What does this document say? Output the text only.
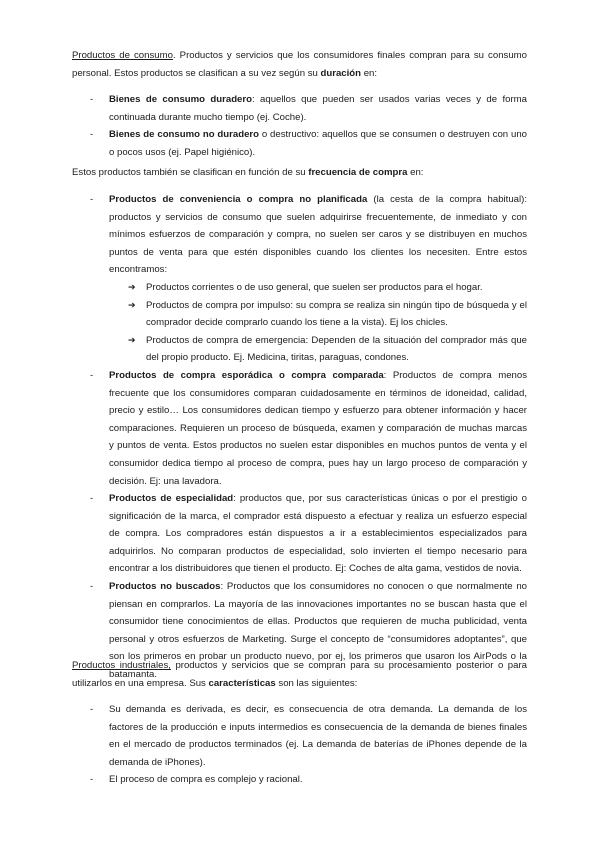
Productos de consumo. Productos y servicios que los consumidores finales compran para su consumo personal. Estos productos se clasifican a su vez según su duración en:

- Bienes de consumo duradero: aquellos que pueden ser usados varias veces y de forma continuada durante mucho tiempo (ej. Coche).
- Bienes de consumo no duradero o destructivo: aquellos que se consumen o destruyen con uno o pocos usos (ej. Papel higiénico).

Estos productos también se clasifican en función de su frecuencia de compra en:

- Productos de conveniencia o compra no planificada (la cesta de la compra habitual): productos y servicios de consumo que suelen adquirirse frecuentemente, de inmediato y con mínimos esfuerzos de comparación y compra, no suelen ser caros y se distribuyen en muchos puntos de venta para que estén disponibles cuando los clientes los necesiten. Entre estos encontramos:
➔ Productos corrientes o de uso general, que suelen ser productos para el hogar.
➔ Productos de compra por impulso: su compra se realiza sin ningún tipo de búsqueda y el comprador decide comprarlo cuando los tiene a la vista). Ej los chicles.
➔ Productos de compra de emergencia: Dependen de la situación del comprador más que del propio producto. Ej. Medicina, tiritas, paraguas, condones.
- Productos de compra esporádica o compra comparada: Productos de compra menos frecuente que los consumidores comparan cuidadosamente en términos de idoneidad, calidad, precio y estilo… Los consumidores dedican tiempo y esfuerzo para obtener información y hacer comparaciones. Requieren un proceso de búsqueda, examen y comparación de muchas marcas y puntos de venta. Estos productos no suelen estar disponibles en muchos puntos de venta y el consumidor dedica tiempo al proceso de compra, pues hay un largo proceso de comparación y decisión. Ej: una lavadora.
- Productos de especialidad: productos que, por sus características únicas o por el prestigio o significación de la marca, el comprador está dispuesto a efectuar y realiza un esfuerzo especial de compra. Los compradores están dispuestos a ir a establecimientos especializados para adquirirlos. No comparan productos de especialidad, solo invierten el tiempo necesario para encontrar a los distribuidores que tienen el producto. Ej: Coches de alta gama, vestidos de novia.
- Productos no buscados: Productos que los consumidores no conocen o que normalmente no piensan en comprarlos. La mayoría de las innovaciones importantes no se buscan hasta que el consumidor tiene conocimientos de ellas. Productos que requieren de mucha publicidad, venta personal y otros esfuerzos de Marketing. Surge el concepto de “consumidores adoptantes”, que son los primeros en probar un producto nuevo, por ej, los primeros que usaron los AirPods o la batamanta.

Productos industriales, productos y servicios que se compran para su procesamiento posterior o para utilizarlos en una empresa. Sus características son las siguientes:

- Su demanda es derivada, es decir, es consecuencia de otra demanda. La demanda de los factores de la producción e inputs intermedios es consecuencia de la demanda de bienes finales en el mercado de productos terminados (ej. La demanda de baterías de iPhones depende de la demanda de iPhones).
- El proceso de compra es complejo y racional.
